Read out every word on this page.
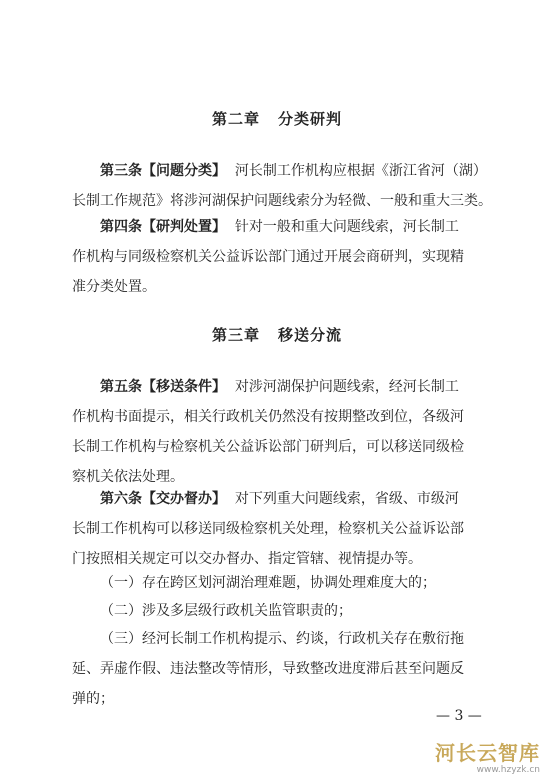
第二章 分类研判
第三条【问题分类】 河长制工作机构应根据《浙江省河（湖）
长制工作规范》将涉河湖保护问题线索分为轻微、一般和重大三类。
第四条【研判处置】 针对一般和重大问题线索，河长制工
作机构与同级检察机关公益诉讼部门通过开展会商研判，实现精
准分类处置。
第三章 移送分流
第五条【移送条件】 对涉河湖保护问题线索，经河长制工
作机构书面提示，相关行政机关仍然没有按期整改到位，各级河
长制工作机构与检察机关公益诉讼部门研判后，可以移送同级检
察机关依法处理。
第六条【交办督办】 对下列重大问题线索，省级、市级河
长制工作机构可以移送同级检察机关处理，检察机关公益诉讼部
门按照相关规定可以交办督办、指定管辖、视情提办等。
（一）存在跨区划河湖治理难题，协调处理难度大的；
（二）涉及多层级行政机关监管职责的；
（三）经河长制工作机构提示、约谈，行政机关存在敷衍拖
延、弄虚作假、违法整改等情形，导致整改进度滞后甚至问题反
弹的；
— 3 —
河长云智库
www.hzyzk.cn
